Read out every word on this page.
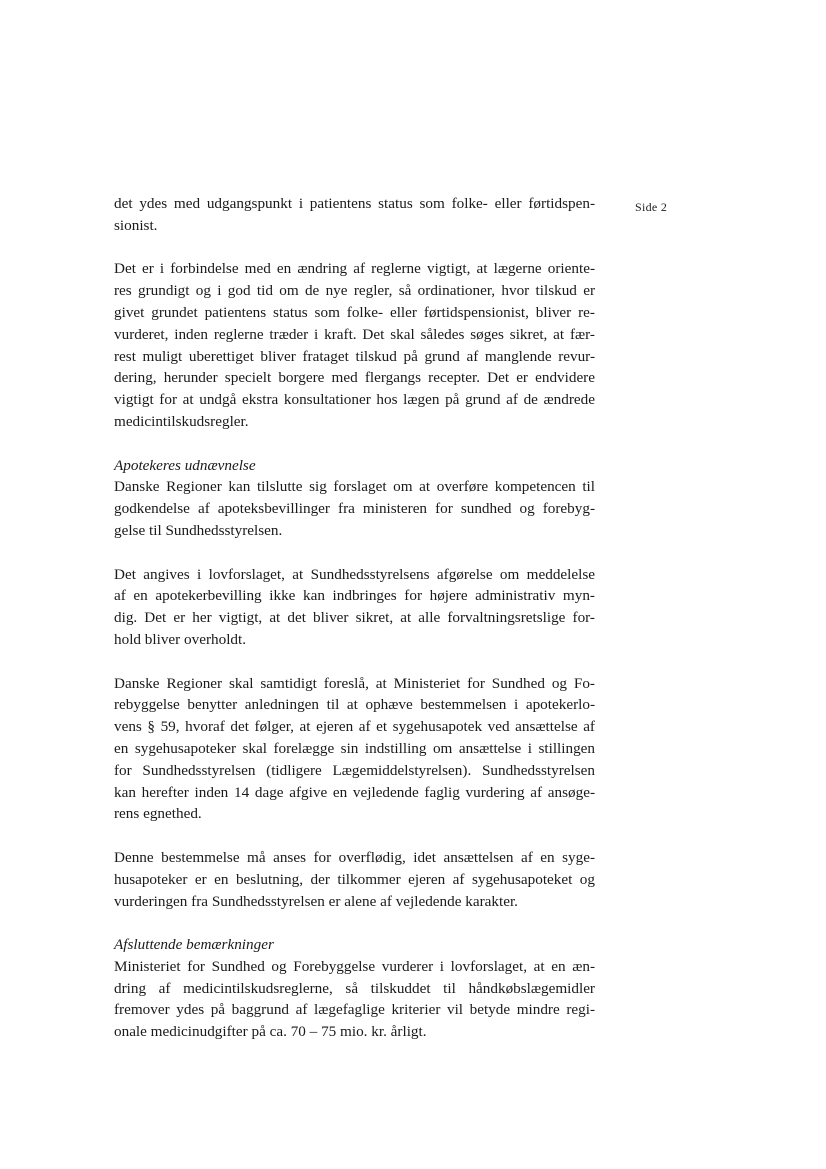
Side 2
det ydes med udgangspunkt i patientens status som folke- eller førtidspen-
sionist.
Det er i forbindelse med en ændring af reglerne vigtigt, at lægerne oriente-
res grundigt og i god tid om de nye regler, så ordinationer, hvor tilskud er
givet grundet patientens status som folke- eller førtidspensionist, bliver re-
vurderet, inden reglerne træder i kraft. Det skal således søges sikret, at fær-
rest muligt uberettiget bliver frataget tilskud på grund af manglende revur-
dering, herunder specielt borgere med flergangs recepter. Det er endvidere
vigtigt for at undgå ekstra konsultationer hos lægen på grund af de ændrede
medicintilskudsregler.
Apotekeres udnævnelse
Danske Regioner kan tilslutte sig forslaget om at overføre kompetencen til
godkendelse af apoteksbevillinger fra ministeren for sundhed og forebyg-
gelse til Sundhedsstyrelsen.
Det angives i lovforslaget, at Sundhedsstyrelsens afgørelse om meddelelse
af en apotekerbevilling ikke kan indbringes for højere administrativ myn-
dig. Det er her vigtigt, at det bliver sikret, at alle forvaltningsretslige for-
hold bliver overholdt.
Danske Regioner skal samtidigt foreslå, at Ministeriet for Sundhed og Fo-
rebyggelse benytter anledningen til at ophæve bestemmelsen i apotekerlo-
vens § 59, hvoraf det følger, at ejeren af et sygehusapotek ved ansættelse af
en sygehusapoteker skal forelægge sin indstilling om ansættelse i stillingen
for Sundhedsstyrelsen (tidligere Lægemiddelstyrelsen). Sundhedsstyrelsen
kan herefter inden 14 dage afgive en vejledende faglig vurdering af ansøge-
rens egnethed.
Denne bestemmelse må anses for overflødig, idet ansættelsen af en syge-
husapoteker er en beslutning, der tilkommer ejeren af sygehusapoteket og
vurderingen fra Sundhedsstyrelsen er alene af vejledende karakter.
Afsluttende bemærkninger
Ministeriet for Sundhed og Forebyggelse vurderer i lovforslaget, at en æn-
dring af medicintilskudsreglerne, så tilskuddet til håndkøbslægemidler
fremover ydes på baggrund af lægefaglige kriterier vil betyde mindre regi-
onale medicinudgifter på ca. 70 – 75 mio. kr. årligt.
